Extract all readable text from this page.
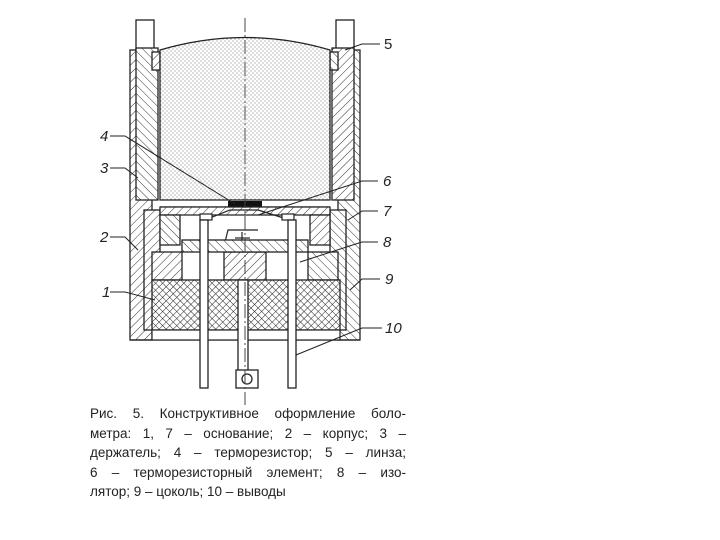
5
4
3
6
7
2	8
9
1
10
Рис. 5. Конструктивное оформление боло-
метра: 1, 7 – основание; 2 – корпус; 3 –
держатель; 4 – терморезистор; 5 – линза;
6 – терморезисторный элемент; 8 – изо-
лятор; 9 – цоколь; 10 – выводы
